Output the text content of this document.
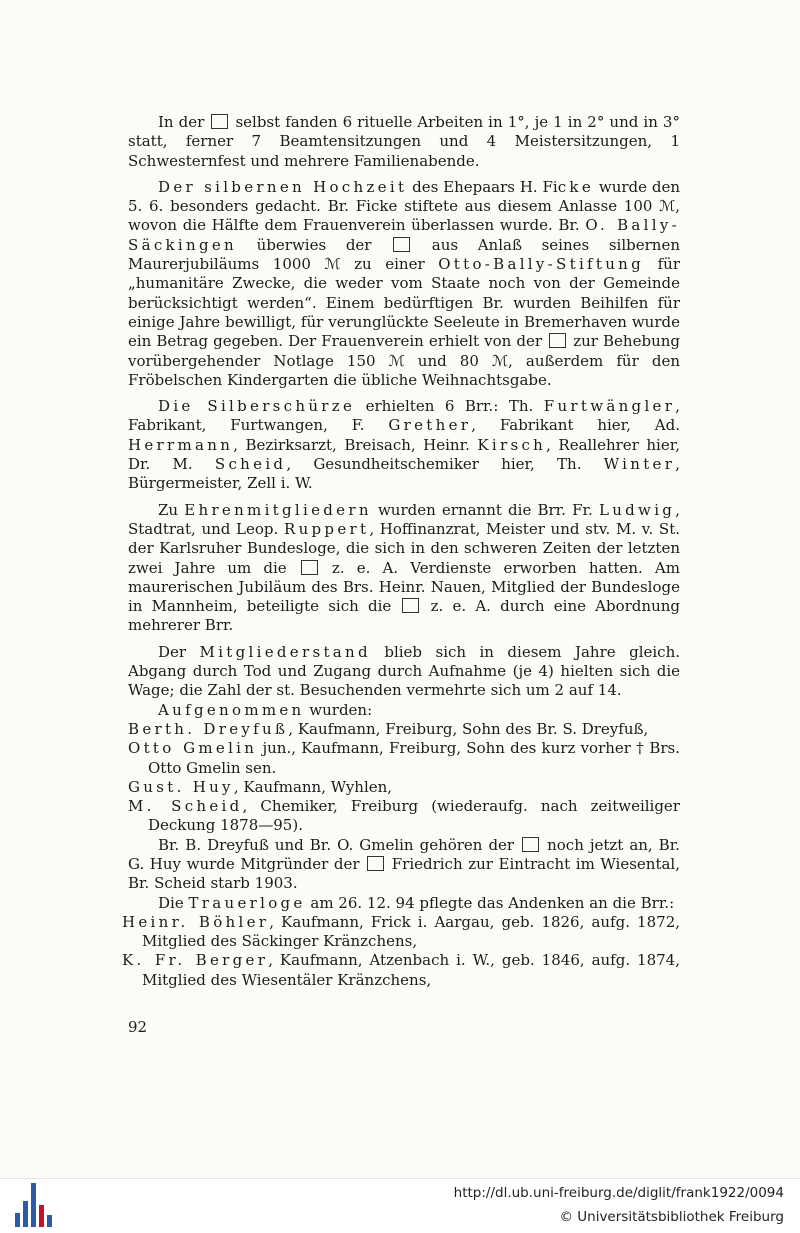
In der  selbst fanden 6 rituelle Arbeiten in 1°, je 1 in 2° und in 3° statt, ferner 7 Beamtensitzungen und 4 Meistersitzungen, 1 Schwesternfest und mehrere Familienabende.

Der silbernen Hochzeit des Ehepaars H. Ficke wurde den 5. 6. besonders gedacht. Br. Ficke stiftete aus diesem Anlasse 100 ℳ, wovon die Hälfte dem Frauenverein überlassen wurde. Br. O. Bally-Säckingen überwies der  aus Anlaß seines silbernen Maurerjubiläums 1000 ℳ zu einer Otto-Bally-Stiftung für „humanitäre Zwecke, die weder vom Staate noch von der Gemeinde berücksichtigt werden“. Einem bedürftigen Br. wurden Beihilfen für einige Jahre bewilligt, für verunglückte Seeleute in Bremerhaven wurde ein Betrag gegeben. Der Frauenverein erhielt von der  zur Behebung vorübergehender Notlage 150 ℳ und 80 ℳ, außerdem für den Fröbelschen Kindergarten die übliche Weihnachtsgabe.

Die Silberschürze erhielten 6 Brr.: Th. Furtwängler, Fabrikant, Furtwangen, F. Grether, Fabrikant hier, Ad. Herrmann, Bezirksarzt, Breisach, Heinr. Kirsch, Reallehrer hier, Dr. M. Scheid, Gesundheitschemiker hier, Th. Winter, Bürgermeister, Zell i. W.

Zu Ehrenmitgliedern wurden ernannt die Brr. Fr. Ludwig, Stadtrat, und Leop. Ruppert, Hoffinanzrat, Meister und stv. M. v. St. der Karlsruher Bundesloge, die sich in den schweren Zeiten der letzten zwei Jahre um die  z. e. A. Verdienste erworben hatten. Am maurerischen Jubiläum des Brs. Heinr. Nauen, Mitglied der Bundesloge in Mannheim, beteiligte sich die  z. e. A. durch eine Abordnung mehrerer Brr.

Der Mitgliederstand blieb sich in diesem Jahre gleich. Abgang durch Tod und Zugang durch Aufnahme (je 4) hielten sich die Wage; die Zahl der st. Besuchenden vermehrte sich um 2 auf 14.

Aufgenommen wurden:

Berth. Dreyfuß, Kaufmann, Freiburg, Sohn des Br. S. Dreyfuß,

Otto Gmelin jun., Kaufmann, Freiburg, Sohn des kurz vorher † Brs. Otto Gmelin sen.

Gust. Huy, Kaufmann, Wyhlen,

M. Scheid, Chemiker, Freiburg (wiederaufg. nach zeitweiliger Deckung 1878—95).

Br. B. Dreyfuß und Br. O. Gmelin gehören der  noch jetzt an, Br. G. Huy wurde Mitgründer der  Friedrich zur Eintracht im Wiesental, Br. Scheid starb 1903.

Die Trauerloge am 26. 12. 94 pflegte das Andenken an die Brr.:

Heinr. Böhler, Kaufmann, Frick i. Aargau, geb. 1826, aufg. 1872, Mitglied des Säckinger Kränzchens,

K. Fr. Berger, Kaufmann, Atzenbach i. W., geb. 1846, aufg. 1874, Mitglied des Wiesentäler Kränzchens,

92
http://dl.ub.uni-freiburg.de/diglit/frank1922/0094
© Universitätsbibliothek Freiburg
